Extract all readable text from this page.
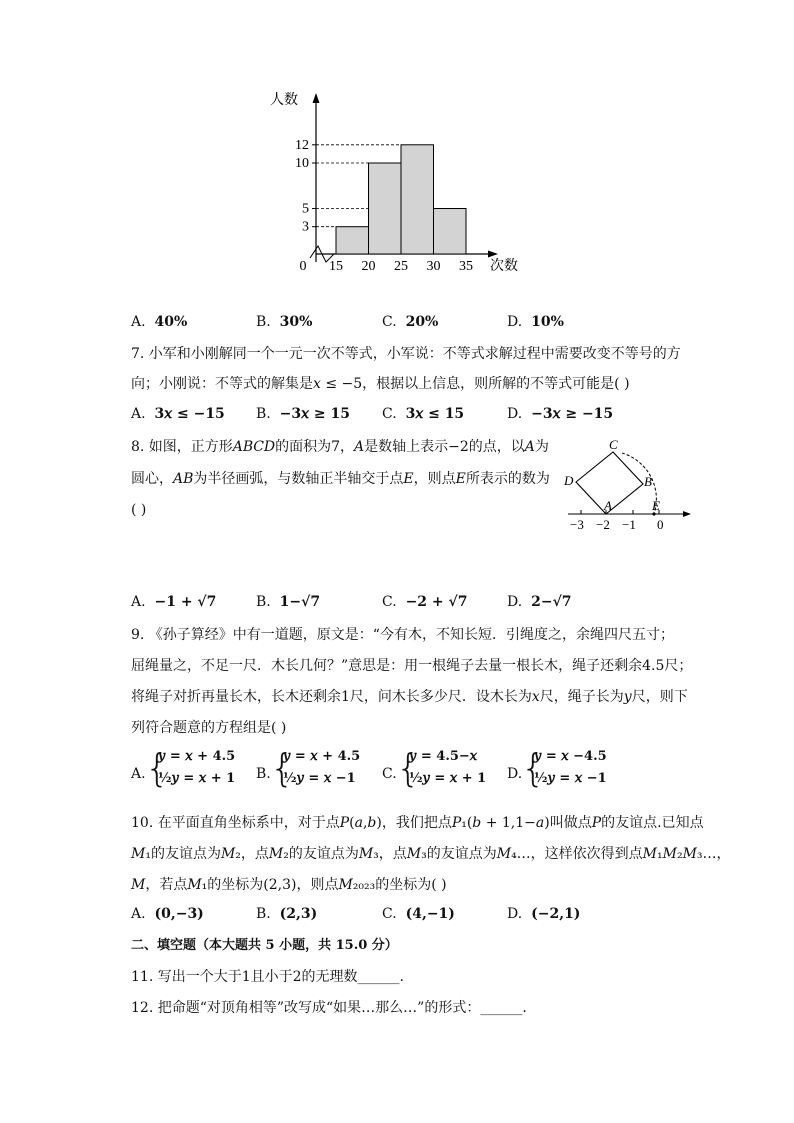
3
5
10
12
0 15 20 25 30 35
人数
次数
A. 40%	B. 30%	C. 20%	D. 10%
7. 小军和小刚解同一个一元一次不等式，小军说：不等式求解过程中需要改变不等号的方
向；小刚说：不等式的解集是𝑥 ≤ −5，根据以上信息，则所解的不等式可能是( )
A. 3𝑥 ≤ −15 B. −3𝑥 ≥ 15 C. 3𝑥 ≤ 15	D. −3𝑥 ≥ −15
8. 如图，正方形𝐴𝐵𝐶𝐷的面积为7，𝐴是数轴上表示−2的点，以𝐴为
圆心，𝐴𝐵为半径画弧，与数轴正半轴交于点𝐸，则点𝐸所表示的数为
( )
C
D	B
A	E
−3 −2 −1 0
A. −1 + √7	B. 1−√7	C. −2 + √7	D. 2−√7
9. 《孙子算经》中有一道题，原文是：“今有木，不知长短．引绳度之，余绳四尺五寸；
屈绳量之，不足一尺．木长几何？”意思是：用一根绳子去量一根长木，绳子还剩余4.5尺；
将绳子对折再量长木，长木还剩余1尺，问木长多少尺．设木长为𝑥尺，绳子长为𝑦尺，则下
列符合题意的方程组是( )
A. {
𝑦 = 𝑥 + 4.5
½𝑦 = 𝑥 + 1 B. {
𝑦 = 𝑥 + 4.5
½𝑦 = 𝑥 −1 C. {
𝑦 = 4.5−𝑥
½𝑦 = 𝑥 + 1 D.
{
𝑦 = 𝑥 −4.5
½𝑦 = 𝑥 −1
10. 在平面直角坐标系中，对于点𝑃(𝑎,𝑏)，我们把点𝑃₁(𝑏 + 1,1−𝑎)叫做点𝑃的友谊点.已知点
𝑀₁的友谊点为𝑀₂，点𝑀₂的友谊点为𝑀₃，点𝑀₃的友谊点为𝑀₄…，这样依次得到点𝑀₁𝑀₂𝑀₃…，
𝑀，若点𝑀₁的坐标为(2,3)，则点𝑀₂₀₂₃的坐标为( )
A. (0,−3)	B. (2,3)	C. (4,−1)	D. (−2,1)
二、填空题（本大题共 5 小题，共 15.0 分）
11. 写出一个大于1且小于2的无理数______.
12. 把命题“对顶角相等”改写成“如果…那么…”的形式：______.
